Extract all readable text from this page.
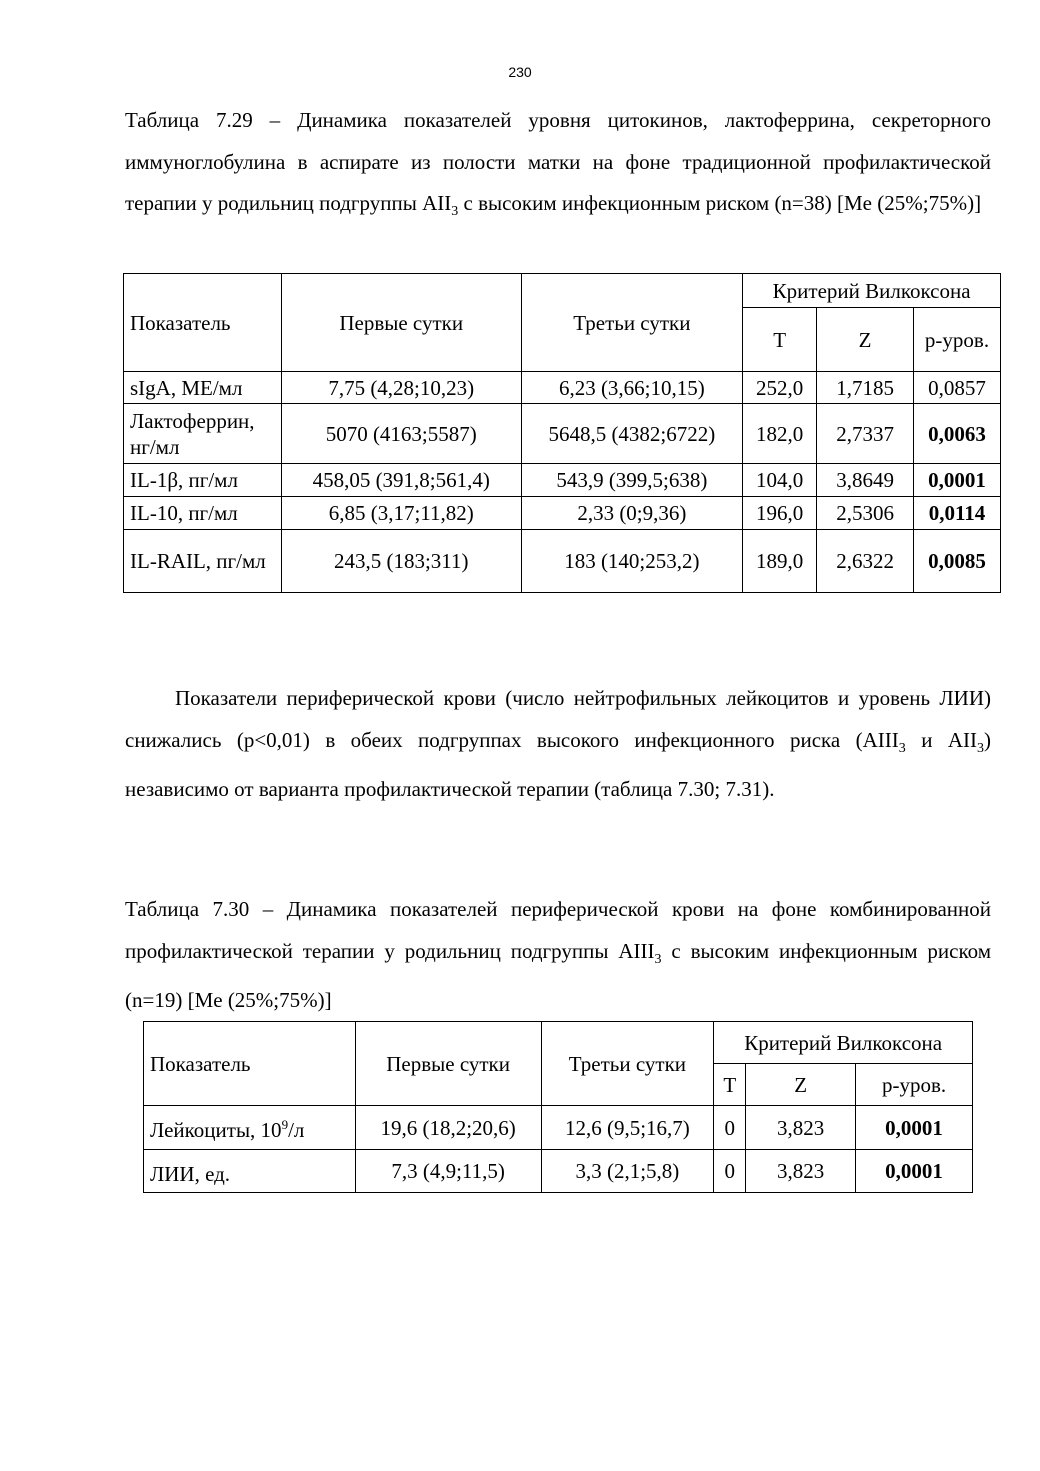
230

Таблица 7.29 – Динамика показателей уровня цитокинов, лактоферрина, секреторного иммуноглобулина в аспирате из полости матки на фоне традиционной профилактической терапии у родильниц подгруппы $АII_3$ с высоким инфекционным риском (n=38) [Me (25%;75%)]

Показатель	Первые сутки	Третьи сутки	Критерий Вилкоксона		
			T	Z	р-уров.
sIgA, МЕ/мл	7,75 (4,28;10,23)	6,23 (3,66;10,15)	252,0	1,7185	0,0857
Лактоферрин, нг/мл	5070 (4163;5587)	5648,5 (4382;6722)	182,0	2,7337	0,0063
IL-1β, пг/мл	458,05 (391,8;561,4)	543,9 (399,5;638)	104,0	3,8649	0,0001
IL-10, пг/мл	6,85 (3,17;11,82)	2,33 (0;9,36)	196,0	2,5306	0,0114
IL-RAIL, пг/мл	243,5 (183;311)	183 (140;253,2)	189,0	2,6322	0,0085

Показатели периферической крови (число нейтрофильных лейкоцитов и уровень ЛИИ) снижались (p<0,01) в обеих подгруппах высокого инфекционного риска ($АIII_3$ и $АII_3$) независимо от варианта профилактической терапии (таблица 7.30; 7.31).

Таблица 7.30 – Динамика показателей периферической крови на фоне комбинированной профилактической терапии у родильниц подгруппы $АIII_3$ с высоким инфекционным риском (n=19) [Me (25%;75%)]

Показатель	Первые сутки	Третьи сутки	Критерий Вилкоксона		
			T	Z	р-уров.
Лейкоциты, $10^9/л$	19,6 (18,2;20,6)	12,6 (9,5;16,7)	0	3,823	0,0001
ЛИИ, ед.	7,3 (4,9;11,5)	3,3 (2,1;5,8)	0	3,823	0,0001
